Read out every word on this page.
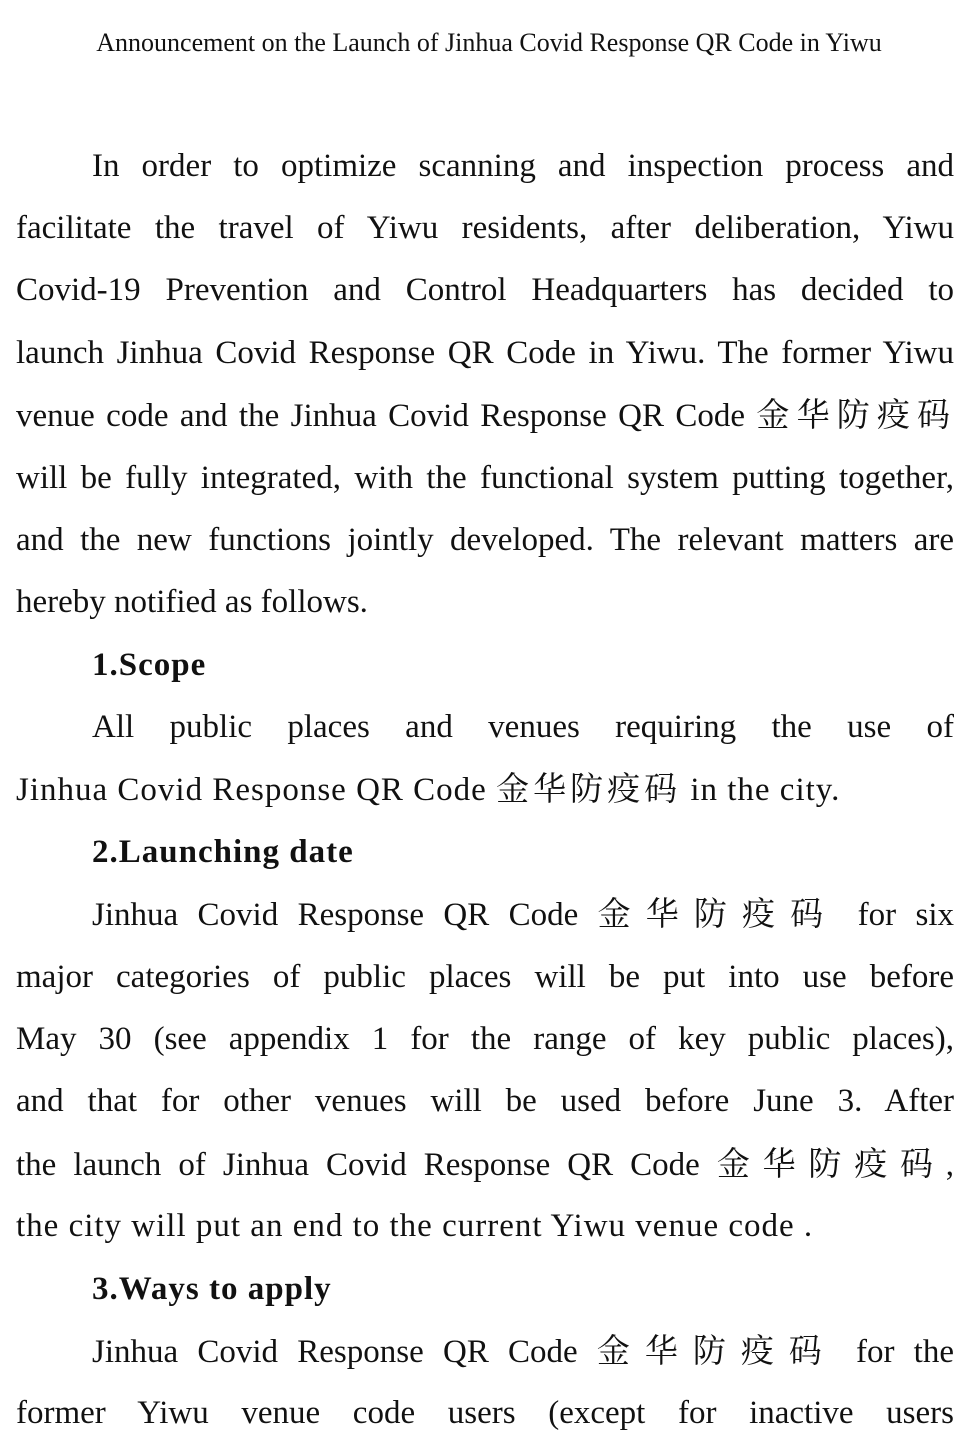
Announcement on the Launch of Jinhua Covid Response QR Code in Yiwu
In order to optimize scanning and inspection process and
facilitate the travel of Yiwu residents, after deliberation, Yiwu
Covid-19 Prevention and Control Headquarters has decided to
launch Jinhua Covid Response QR Code in Yiwu. The former Yiwu
venue code and the Jinhua Covid Response QR Code 金华防疫码
will be fully integrated, with the functional system putting together,
and the new functions jointly developed. The relevant matters are
hereby notified as follows.
1.Scope
All public places and venues requiring the use of
Jinhua Covid Response QR Code 金华防疫码 in the city.
2.Launching date
Jinhua Covid Response QR Code 金华防疫码 for six
major categories of public places will be put into use before
May 30 (see appendix 1 for the range of key public places),
and that for other venues will be used before June 3. After
the launch of Jinhua Covid Response QR Code 金华防疫码,
the city will put an end to the current Yiwu venue code .
3.Ways to apply
Jinhua Covid Response QR Code 金华防疫码 for the
former Yiwu venue code users (except for inactive users
